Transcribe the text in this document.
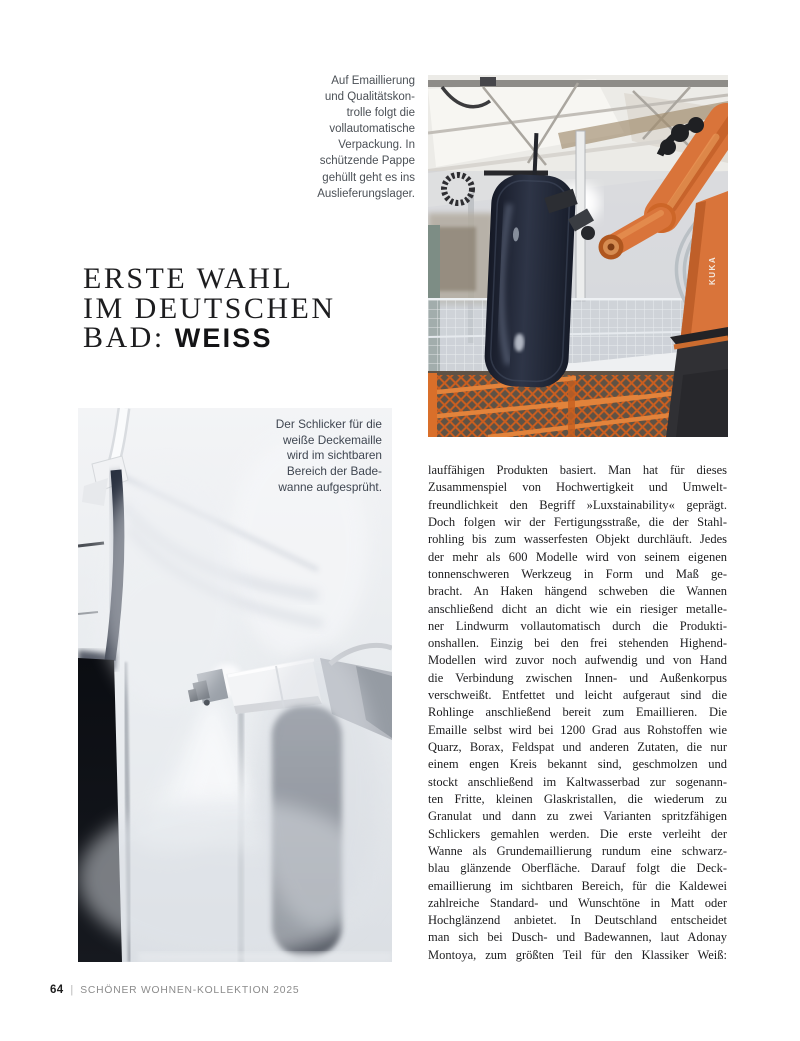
KUKA
Auf Emaillierung
und Qualitätskon-
trolle folgt die
vollautomatische
Verpackung. In
schützende Pappe
gehüllt geht es ins
Auslieferungslager.
ERSTE WAHL
IM DEUTSCHEN
BAD: WEISS
Der Schlicker für die
weiße Deckemaille
wird im sichtbaren
Bereich der Bade-
wanne aufgesprüht.
lauffähigen Produkten basiert. Man hat für dieses
Zusammenspiel von Hochwertigkeit und Umwelt-
freundlichkeit den Begriff »Luxstainability« geprägt.
Doch folgen wir der Fertigungsstraße, die der Stahl-
rohling bis zum wasserfesten Objekt durchläuft. Jedes
der mehr als 600 Modelle wird von seinem eigenen
tonnenschweren Werkzeug in Form und Maß ge-
bracht. An Haken hängend schweben die Wannen
anschließend dicht an dicht wie ein riesiger metalle-
ner Lindwurm vollautomatisch durch die Produkti-
onshallen. Einzig bei den frei stehenden Highend-
Modellen wird zuvor noch aufwendig und von Hand
die Verbindung zwischen Innen- und Außenkorpus
verschweißt. Entfettet und leicht aufgeraut sind die
Rohlinge anschließend bereit zum Emaillieren. Die
Emaille selbst wird bei 1200 Grad aus Rohstoffen wie
Quarz, Borax, Feldspat und anderen Zutaten, die nur
einem engen Kreis bekannt sind, geschmolzen und
stockt anschließend im Kaltwasserbad zur sogenann-
ten Fritte, kleinen Glaskristallen, die wiederum zu
Granulat und dann zu zwei Varianten spritzfähigen
Schlickers gemahlen werden. Die erste verleiht der
Wanne als Grundemaillierung rundum eine schwarz-
blau glänzende Oberfläche. Darauf folgt die Deck-
emaillierung im sichtbaren Bereich, für die Kaldewei
zahlreiche Standard- und Wunschtöne in Matt oder
Hochglänzend anbietet. In Deutschland entscheidet
man sich bei Dusch- und Badewannen, laut Adonay
Montoya, zum größten Teil für den Klassiker Weiß:
64 | SCHÖNER WOHNEN-KOLLEKTION 2025
